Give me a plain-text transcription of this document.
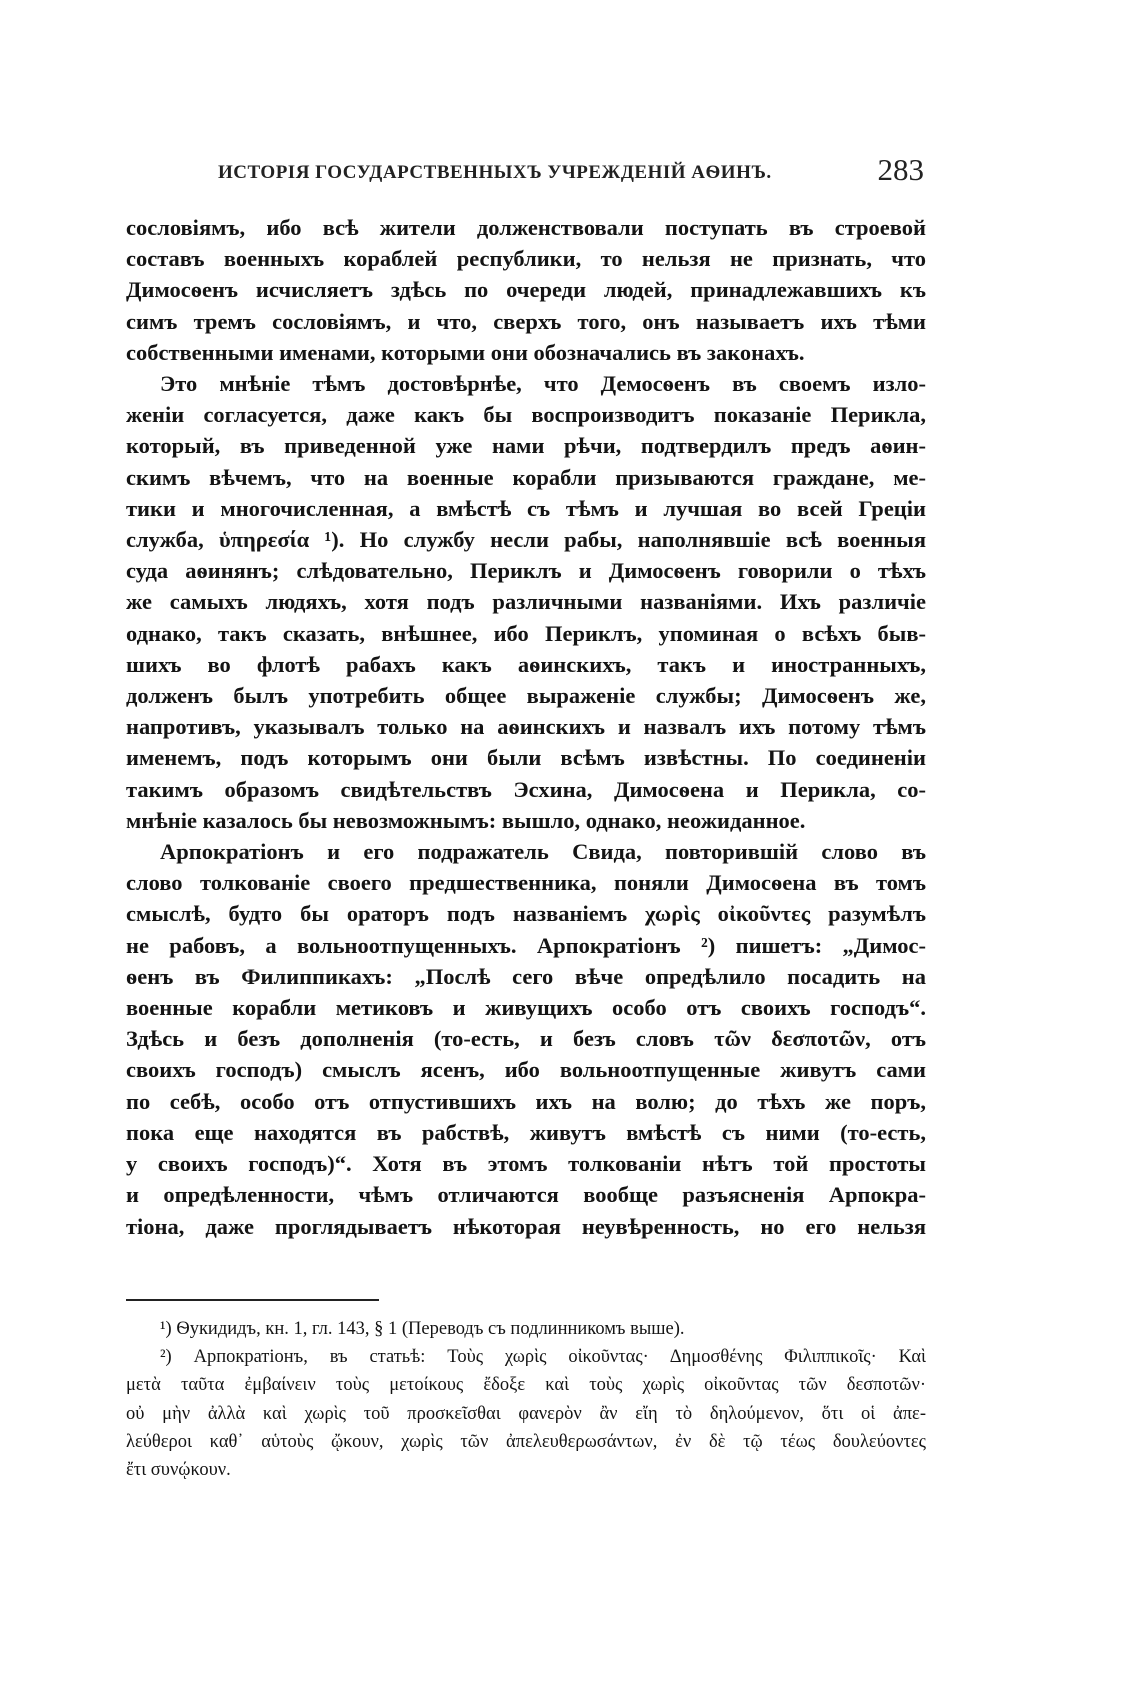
ИСТОРІЯ ГОСУДАРСТВЕННЫХЪ УЧРЕЖДЕНІЙ АѲИНЪ.	283
сословіямъ, ибо всѣ жители долженствовали поступать въ строевой
составъ военныхъ кораблей республики, то нельзя не признать, что
Димосѳенъ исчисляетъ здѣсь по очереди людей, принадлежавшихъ къ
симъ тремъ сословіямъ, и что, сверхъ того, онъ называетъ ихъ тѣми
собственными именами, которыми они обозначались въ законахъ.
Это мнѣніе тѣмъ достовѣрнѣе, что Демосѳенъ въ своемъ изло-
женіи согласуется, даже какъ бы воспроизводитъ показаніе Перикла,
который, въ приведенной уже нами рѣчи, подтвердилъ предъ аѳин-
скимъ вѣчемъ, что на военные корабли призываются граждане, ме-
тики и многочисленная, а вмѣстѣ съ тѣмъ и лучшая во всей Греціи
служба, ὑπηρεσία ¹). Но службу несли рабы, наполнявшіе всѣ военныя
суда аѳинянъ; слѣдовательно, Периклъ и Димосѳенъ говорили о тѣхъ
же самыхъ людяхъ, хотя подъ различными названіями. Ихъ различіе
однако, такъ сказать, внѣшнее, ибо Периклъ, упоминая о всѣхъ быв-
шихъ во флотѣ рабахъ какъ аѳинскихъ, такъ и иностранныхъ,
долженъ былъ употребить общее выраженіе службы; Димосѳенъ же,
напротивъ, указывалъ только на аѳинскихъ и назвалъ ихъ потому тѣмъ
именемъ, подъ которымъ они были всѣмъ извѣстны. По соединеніи
такимъ образомъ свидѣтельствъ Эсхина, Димосѳена и Перикла, со-
мнѣніе казалось бы невозможнымъ: вышло, однако, неожиданное.
Арпократіонъ и его подражатель Свида, повторившій слово въ
слово толкованіе своего предшественника, поняли Димосѳена въ томъ
смыслѣ, будто бы ораторъ подъ названіемъ χωρὶς οἰκοῦντες разумѣлъ
не рабовъ, а вольноотпущенныхъ. Арпократіонъ ²) пишетъ: „Димос-
ѳенъ въ Филиппикахъ: „Послѣ сего вѣче опредѣлило посадить на
военные корабли метиковъ и живущихъ особо отъ своихъ господъ“.
Здѣсь и безъ дополненія (то-есть, и безъ словъ τῶν δεσποτῶν, отъ
своихъ господъ) смыслъ ясенъ, ибо вольноотпущенные живутъ сами
по себѣ, особо отъ отпустившихъ ихъ на волю; до тѣхъ же поръ,
пока еще находятся въ рабствѣ, живутъ вмѣстѣ съ ними (то-есть,
у своихъ господъ)“. Хотя въ этомъ толкованіи нѣтъ той простоты
и опредѣленности, чѣмъ отличаются вообще разъясненія Арпокра-
тіона, даже проглядываетъ нѣкоторая неувѣренность, но его нельзя
¹) Ѳукидидъ, кн. 1, гл. 143, § 1 (Переводъ съ подлинникомъ выше).
²) Арпократіонъ, въ статьѣ: Τοὺς χωρὶς οἰκοῦντας· Δημοσθένης Φιλιππικοῖς· Καὶ
μετὰ ταῦτα ἐμβαίνειν τοὺς μετοίκους ἔδοξε καὶ τοὺς χωρὶς οἰκοῦντας τῶν δεσποτῶν·
οὐ μὴν ἀλλὰ καὶ χωρὶς τοῦ προσκεῖσθαι φανερὸν ἂν εἴη τὸ δηλούμενον, ὅτι οἱ ἀπε-
λεύθεροι καθ᾽ αὑτοὺς ᾤκουν, χωρὶς τῶν ἀπελευθερωσάντων, ἐν δὲ τῷ τέως δουλεύοντες
ἔτι συνῴκουν.
